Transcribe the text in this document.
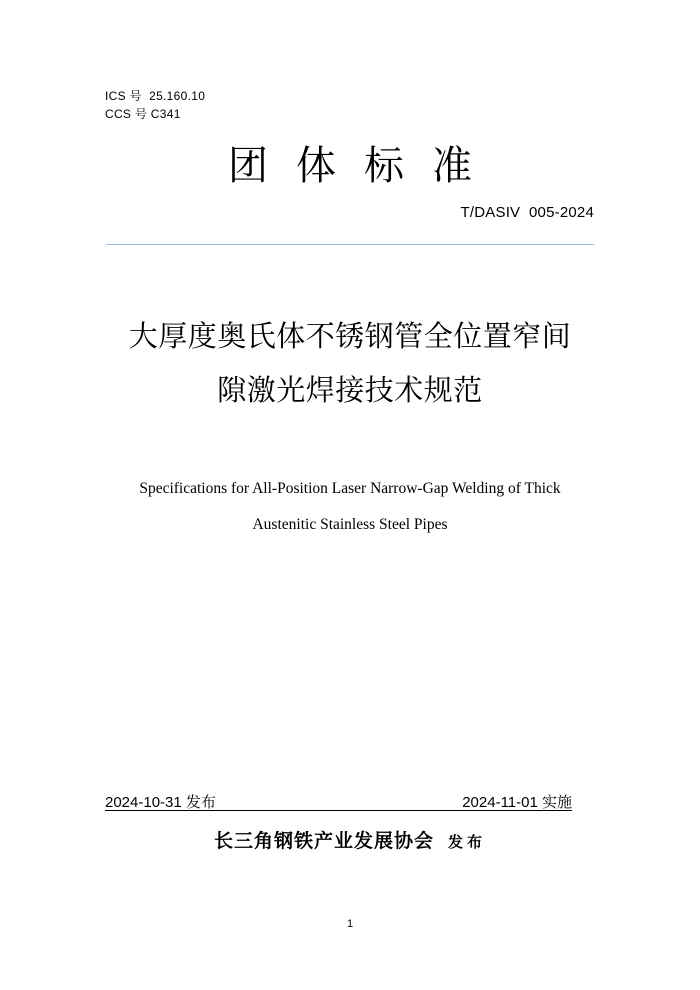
ICS 号  25.160.10
CCS 号 C341
团体标准
T/DASIV  005-2024
大厚度奥氏体不锈钢管全位置窄间
隙激光焊接技术规范
Specifications for All-Position Laser Narrow-Gap Welding of Thick
Austenitic Stainless Steel Pipes
2024-10-31 发布	2024-11-01 实施
长三角钢铁产业发展协会 发布
1
